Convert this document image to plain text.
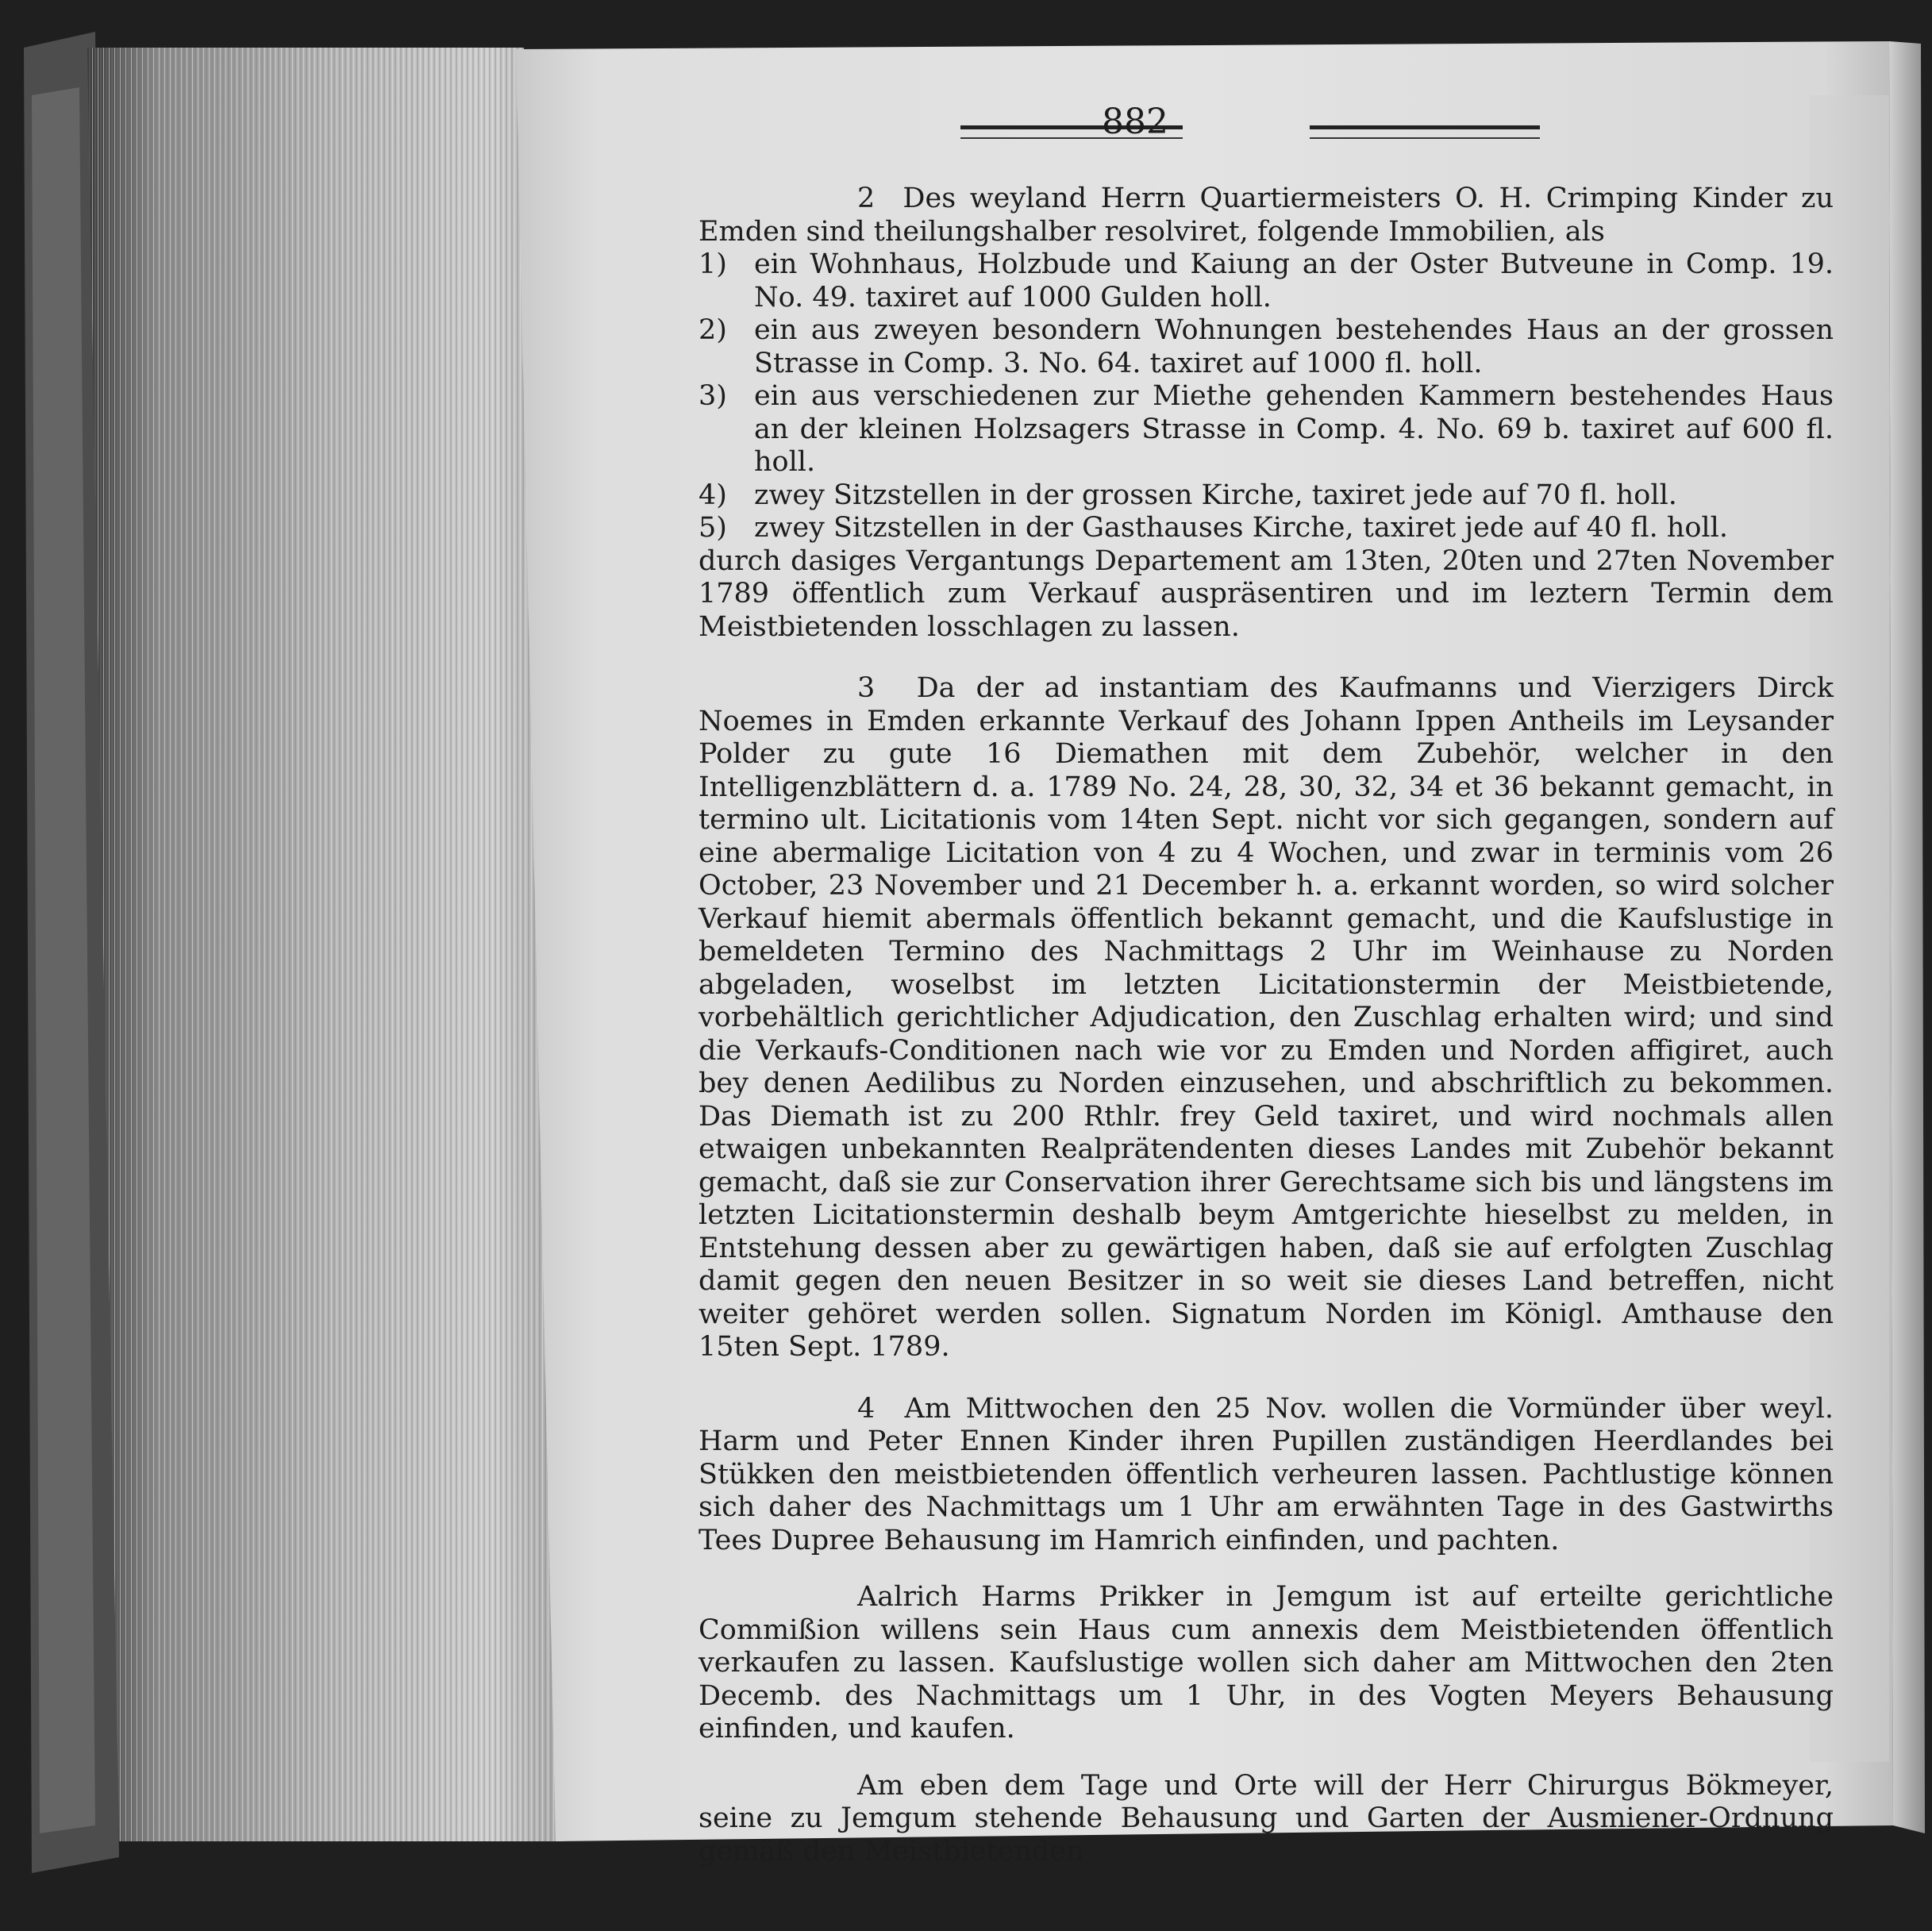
882

2 Des weyland Herrn Quartiermeisters O. H. Crimping Kinder zu Emden sind theilungshalber resolviret, folgende Immobilien, als

1) ein Wohnhaus, Holzbude und Kaiung an der Oster Butveune in Comp. 19. No. 49. taxiret auf 1000 Gulden holl.

2) ein aus zweyen besondern Wohnungen bestehendes Haus an der grossen Strasse in Comp. 3. No. 64. taxiret auf 1000 fl. holl.

3) ein aus verschiedenen zur Miethe gehenden Kammern bestehendes Haus an der kleinen Holzsagers Strasse in Comp. 4. No. 69 b. taxiret auf 600 fl. holl.

4) zwey Sitzstellen in der grossen Kirche, taxiret jede auf 70 fl. holl.

5) zwey Sitzstellen in der Gasthauses Kirche, taxiret jede auf 40 fl. holl.

durch dasiges Vergantungs Departement am 13ten, 20ten und 27ten November 1789 öffentlich zum Verkauf auspräsentiren und im leztern Termin dem Meistbietenden losschlagen zu lassen.

3 Da der ad instantiam des Kaufmanns und Vierzigers Dirck Noemes in Emden erkannte Verkauf des Johann Ippen Antheils im Leysander Polder zu gute 16 Diemathen mit dem Zubehör, welcher in den Intelligenzblättern d. a. 1789 No. 24, 28, 30, 32, 34 et 36 bekannt gemacht, in termino ult. Licitationis vom 14ten Sept. nicht vor sich gegangen, sondern auf eine abermalige Licitation von 4 zu 4 Wochen, und zwar in terminis vom 26 October, 23 November und 21 December h. a. erkannt worden, so wird solcher Verkauf hiemit abermals öffentlich bekannt gemacht, und die Kaufslustige in bemeldeten Termino des Nachmittags 2 Uhr im Weinhause zu Norden abgeladen, woselbst im letzten Licitationstermin der Meistbietende, vorbehältlich gerichtlicher Adjudication, den Zuschlag erhalten wird; und sind die Verkaufs-Conditionen nach wie vor zu Emden und Norden affigiret, auch bey denen Aedilibus zu Norden einzusehen, und abschriftlich zu bekommen. Das Diemath ist zu 200 Rthlr. frey Geld taxiret, und wird nochmals allen etwaigen unbekannten Realprätendenten dieses Landes mit Zubehör bekannt gemacht, daß sie zur Conservation ihrer Gerechtsame sich bis und längstens im letzten Licitationstermin deshalb beym Amtgerichte hieselbst zu melden, in Entstehung dessen aber zu gewärtigen haben, daß sie auf erfolgten Zuschlag damit gegen den neuen Besitzer in so weit sie dieses Land betreffen, nicht weiter gehöret werden sollen. Signatum Norden im Königl. Amthause den 15ten Sept. 1789.

4 Am Mittwochen den 25 Nov. wollen die Vormünder über weyl. Harm und Peter Ennen Kinder ihren Pupillen zuständigen Heerdlandes bei Stükken den meistbietenden öffentlich verheuren lassen. Pachtlustige können sich daher des Nachmittags um 1 Uhr am erwähnten Tage in des Gastwirths Tees Dupree Behausung im Hamrich einfinden, und pachten.

Aalrich Harms Prikker in Jemgum ist auf erteilte gerichtliche Commißion willens sein Haus cum annexis dem Meistbietenden öffentlich verkaufen zu lassen. Kaufslustige wollen sich daher am Mittwochen den 2ten Decemb. des Nachmittags um 1 Uhr, in des Vogten Meyers Behausung einfinden, und kaufen.

Am eben dem Tage und Orte will der Herr Chirurgus Bökmeyer, seine zu Jemgum stehende Behausung und Garten der Ausmiener-Ordnung gemäß den Meistbietenden
